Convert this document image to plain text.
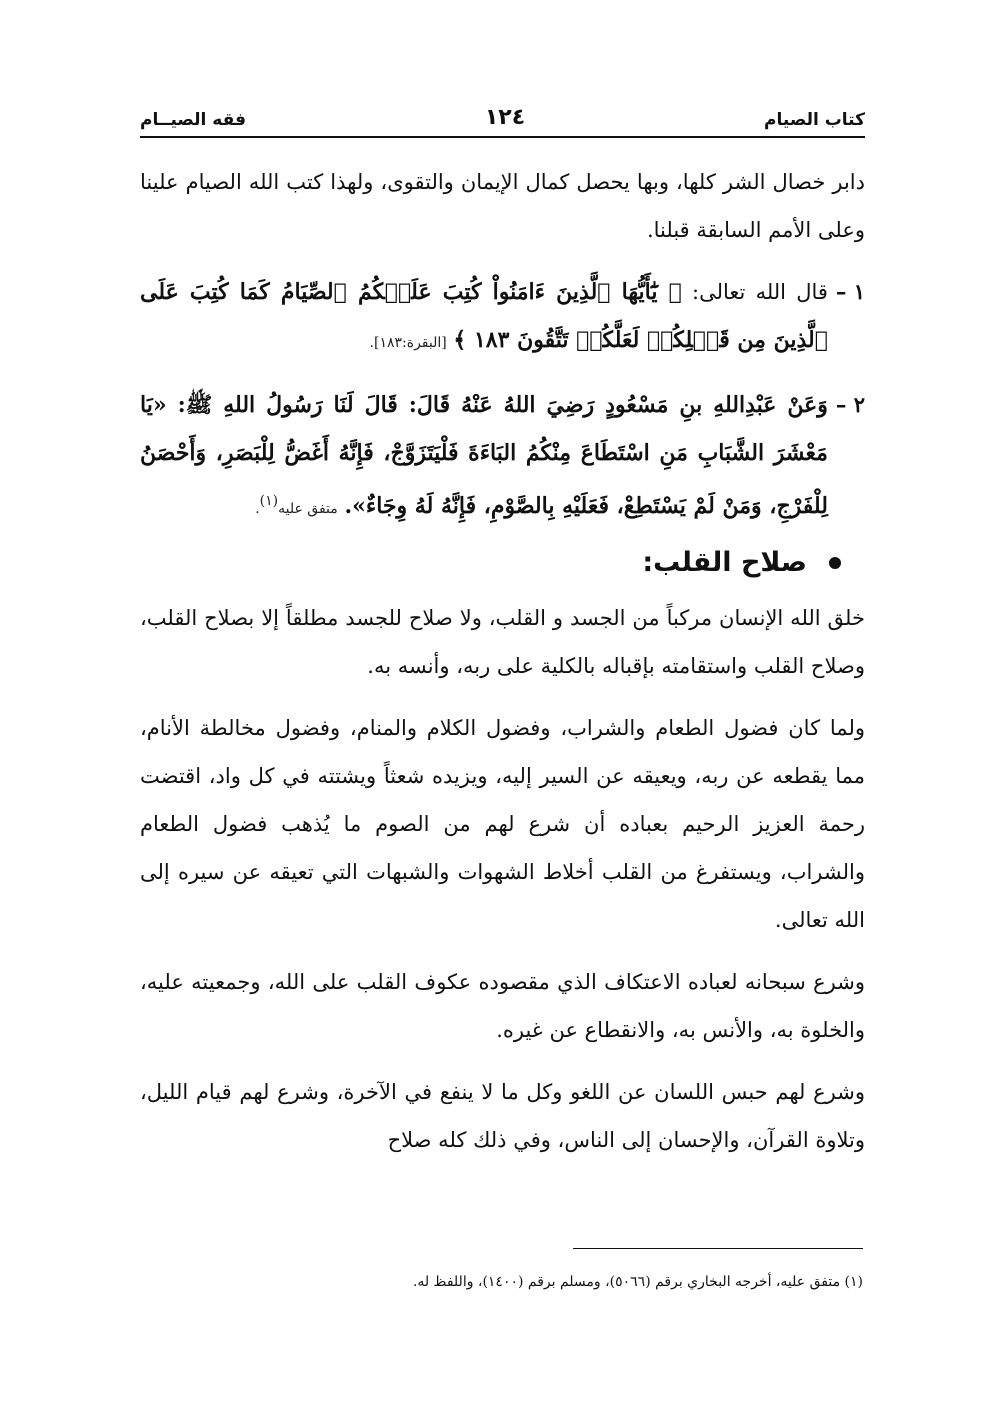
كتاب الصيام
١٢٤
فقه الصيــام

دابر خصال الشر كلها، وبها يحصل كمال الإيمان والتقوى، ولهذا كتب الله الصيام علينا وعلى الأمم السابقة قبلنا.

١ –
قال الله تعالى: ﴿ يَٰٓأَيُّهَا ٱلَّذِينَ ءَامَنُواْ كُتِبَ عَلَيۡكُمُ ٱلصِّيَامُ كَمَا كُتِبَ عَلَى ٱلَّذِينَ مِن قَبۡلِكُمۡ لَعَلَّكُمۡ تَتَّقُونَ ١٨٣ ﴾ [البقرة:١٨٣].
٢ –
وَعَنْ عَبْدِاللهِ بنِ مَسْعُودٍ رَضِيَ اللهُ عَنْهُ قَالَ: قَالَ لَنَا رَسُولُ اللهِ ﷺ: «يَا مَعْشَرَ الشَّبَابِ مَنِ اسْتَطَاعَ مِنْكُمُ البَاءَةَ فَلْيَتَزَوَّجْ، فَإِنَّهُ أَغَضُّ لِلْبَصَرِ، وَأَحْصَنُ لِلْفَرْجِ، وَمَنْ لَمْ يَسْتَطِعْ، فَعَلَيْهِ بِالصَّوْمِ، فَإِنَّهُ لَهُ وِجَاءٌ». متفق عليه$^{(١)}$.
صلاح القلب:

خلق الله الإنسان مركباً من الجسد و القلب، ولا صلاح للجسد مطلقاً إلا بصلاح القلب، وصلاح القلب واستقامته بإقباله بالكلية على ربه، وأنسه به.

ولما كان فضول الطعام والشراب، وفضول الكلام والمنام، وفضول مخالطة الأنام، مما يقطعه عن ربه، ويعيقه عن السير إليه، ويزيده شعثاً ويشتته في كل واد، اقتضت رحمة العزيز الرحيم بعباده أن شرع لهم من الصوم ما يُذهب فضول الطعام والشراب، ويستفرغ من القلب أخلاط الشهوات والشبهات التي تعيقه عن سيره إلى الله تعالى.

وشرع سبحانه لعباده الاعتكاف الذي مقصوده عكوف القلب على الله، وجمعيته عليه، والخلوة به، والأنس به، والانقطاع عن غيره.

وشرع لهم حبس اللسان عن اللغو وكل ما لا ينفع في الآخرة، وشرع لهم قيام الليل، وتلاوة القرآن، والإحسان إلى الناس، وفي ذلك كله صلاح

(١) متفق عليه، أخرجه البخاري برقم (٥٠٦٦)، ومسلم برقم (١٤٠٠)، واللفظ له.
